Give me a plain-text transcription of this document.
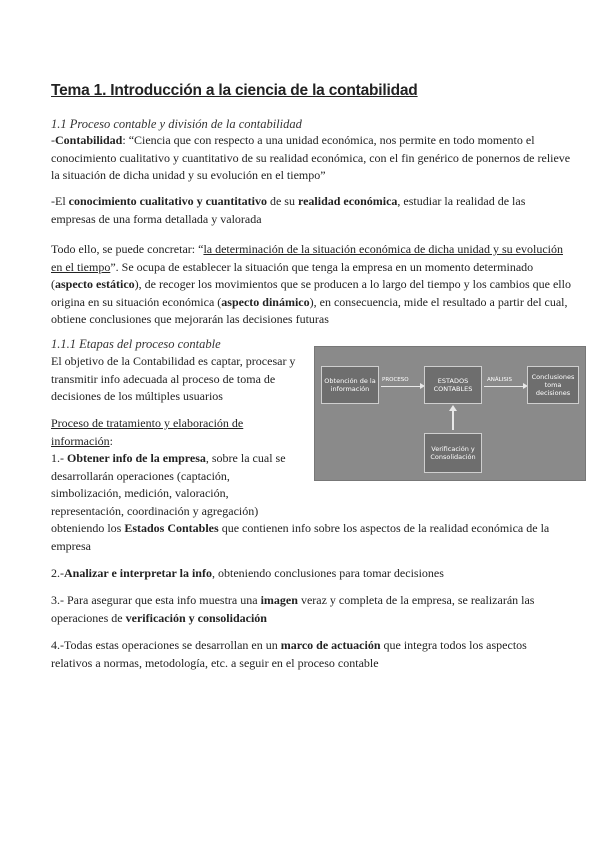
Tema 1. Introducción a la ciencia de la contabilidad
1.1 Proceso contable y división de la contabilidad
-Contabilidad: “Ciencia que con respecto a una unidad económica, nos permite en todo momento el conocimiento cualitativo y cuantitativo de su realidad económica, con el fin genérico de ponernos de relieve la situación de dicha unidad y su evolución en el tiempo”
-El conocimiento cualitativo y cuantitativo de su realidad económica, estudiar la realidad de las empresas de una forma detallada y valorada
Todo ello, se puede concretar: “la determinación de la situación económica de dicha unidad y su evolución en el tiempo”. Se ocupa de establecer la situación que tenga la empresa en un momento determinado (aspecto estático), de recoger los movimientos que se producen a lo largo del tiempo y los cambios que ello origina en su situación económica (aspecto dinámico), en consecuencia, mide el resultado a partir del cual, obtiene conclusiones que mejorarán las decisiones futuras
1.1.1 Etapas del proceso contable
El objetivo de la Contabilidad es captar, procesar y transmitir info adecuada al proceso de toma de decisiones de los múltiples usuarios
Proceso de tratamiento y elaboración de información:
1.- Obtener info de la empresa, sobre la cual se desarrollarán operaciones (captación, simbolización, medición, valoración, representación, coordinación y agregación)
obteniendo los Estados Contables que contienen info sobre los aspectos de la realidad económica de la empresa
2.-Analizar e interpretar la info, obteniendo conclusiones para tomar decisiones
3.- Para asegurar que esta info muestra una imagen veraz y completa de la empresa, se realizarán las operaciones de verificación y consolidación
4.-Todas estas operaciones se desarrollan en un marco de actuación que integra todos los aspectos relativos a normas, metodología, etc. a seguir en el proceso contable
Obtención de la información
PROCESO	ESTADOS CONTABLES
ANÁLISIS	Conclusiones toma decisiones
Verificación y Consolidación
